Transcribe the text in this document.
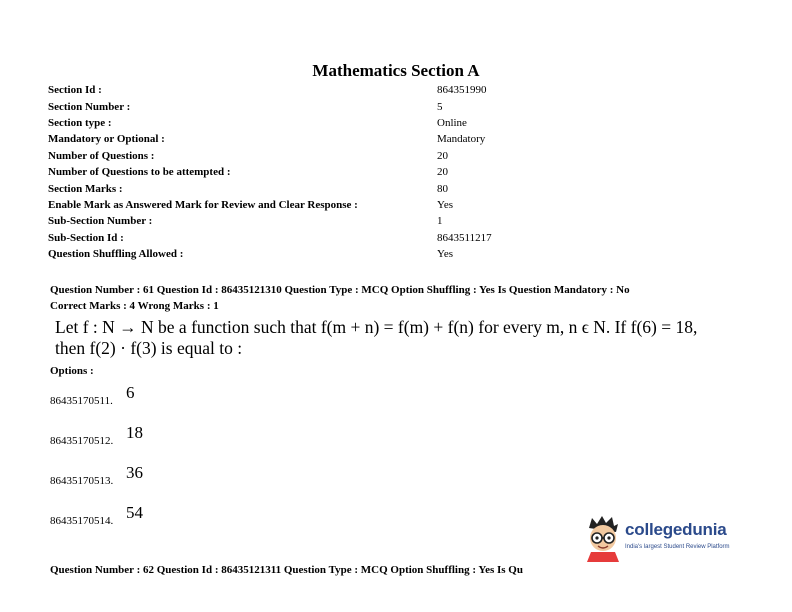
Mathematics Section A
Section Id :	864351990
Section Number :	5
Section type :	Online
Mandatory or Optional :	Mandatory
Number of Questions :	20
Number of Questions to be attempted :	20
Section Marks :	80
Enable Mark as Answered Mark for Review and Clear Response :	Yes
Sub-Section Number :	1
Sub-Section Id :	8643511217
Question Shuffling Allowed :	Yes
Question Number : 61 Question Id : 86435121310 Question Type : MCQ Option Shuffling : Yes Is Question Mandatory : No
Correct Marks : 4 Wrong Marks : 1
Let f : N → N be a function such that f(m + n) = f(m) + f(n) for every m, n ϵ N. If f(6) = 18,
then f(2) · f(3) is equal to :
Options :
86435170511. 6
86435170512. 18
86435170513. 36
86435170514. 54
collegedunia
India's largest Student Review Platform
Question Number : 62 Question Id : 86435121311 Question Type : MCQ Option Shuffling : Yes Is Qu
